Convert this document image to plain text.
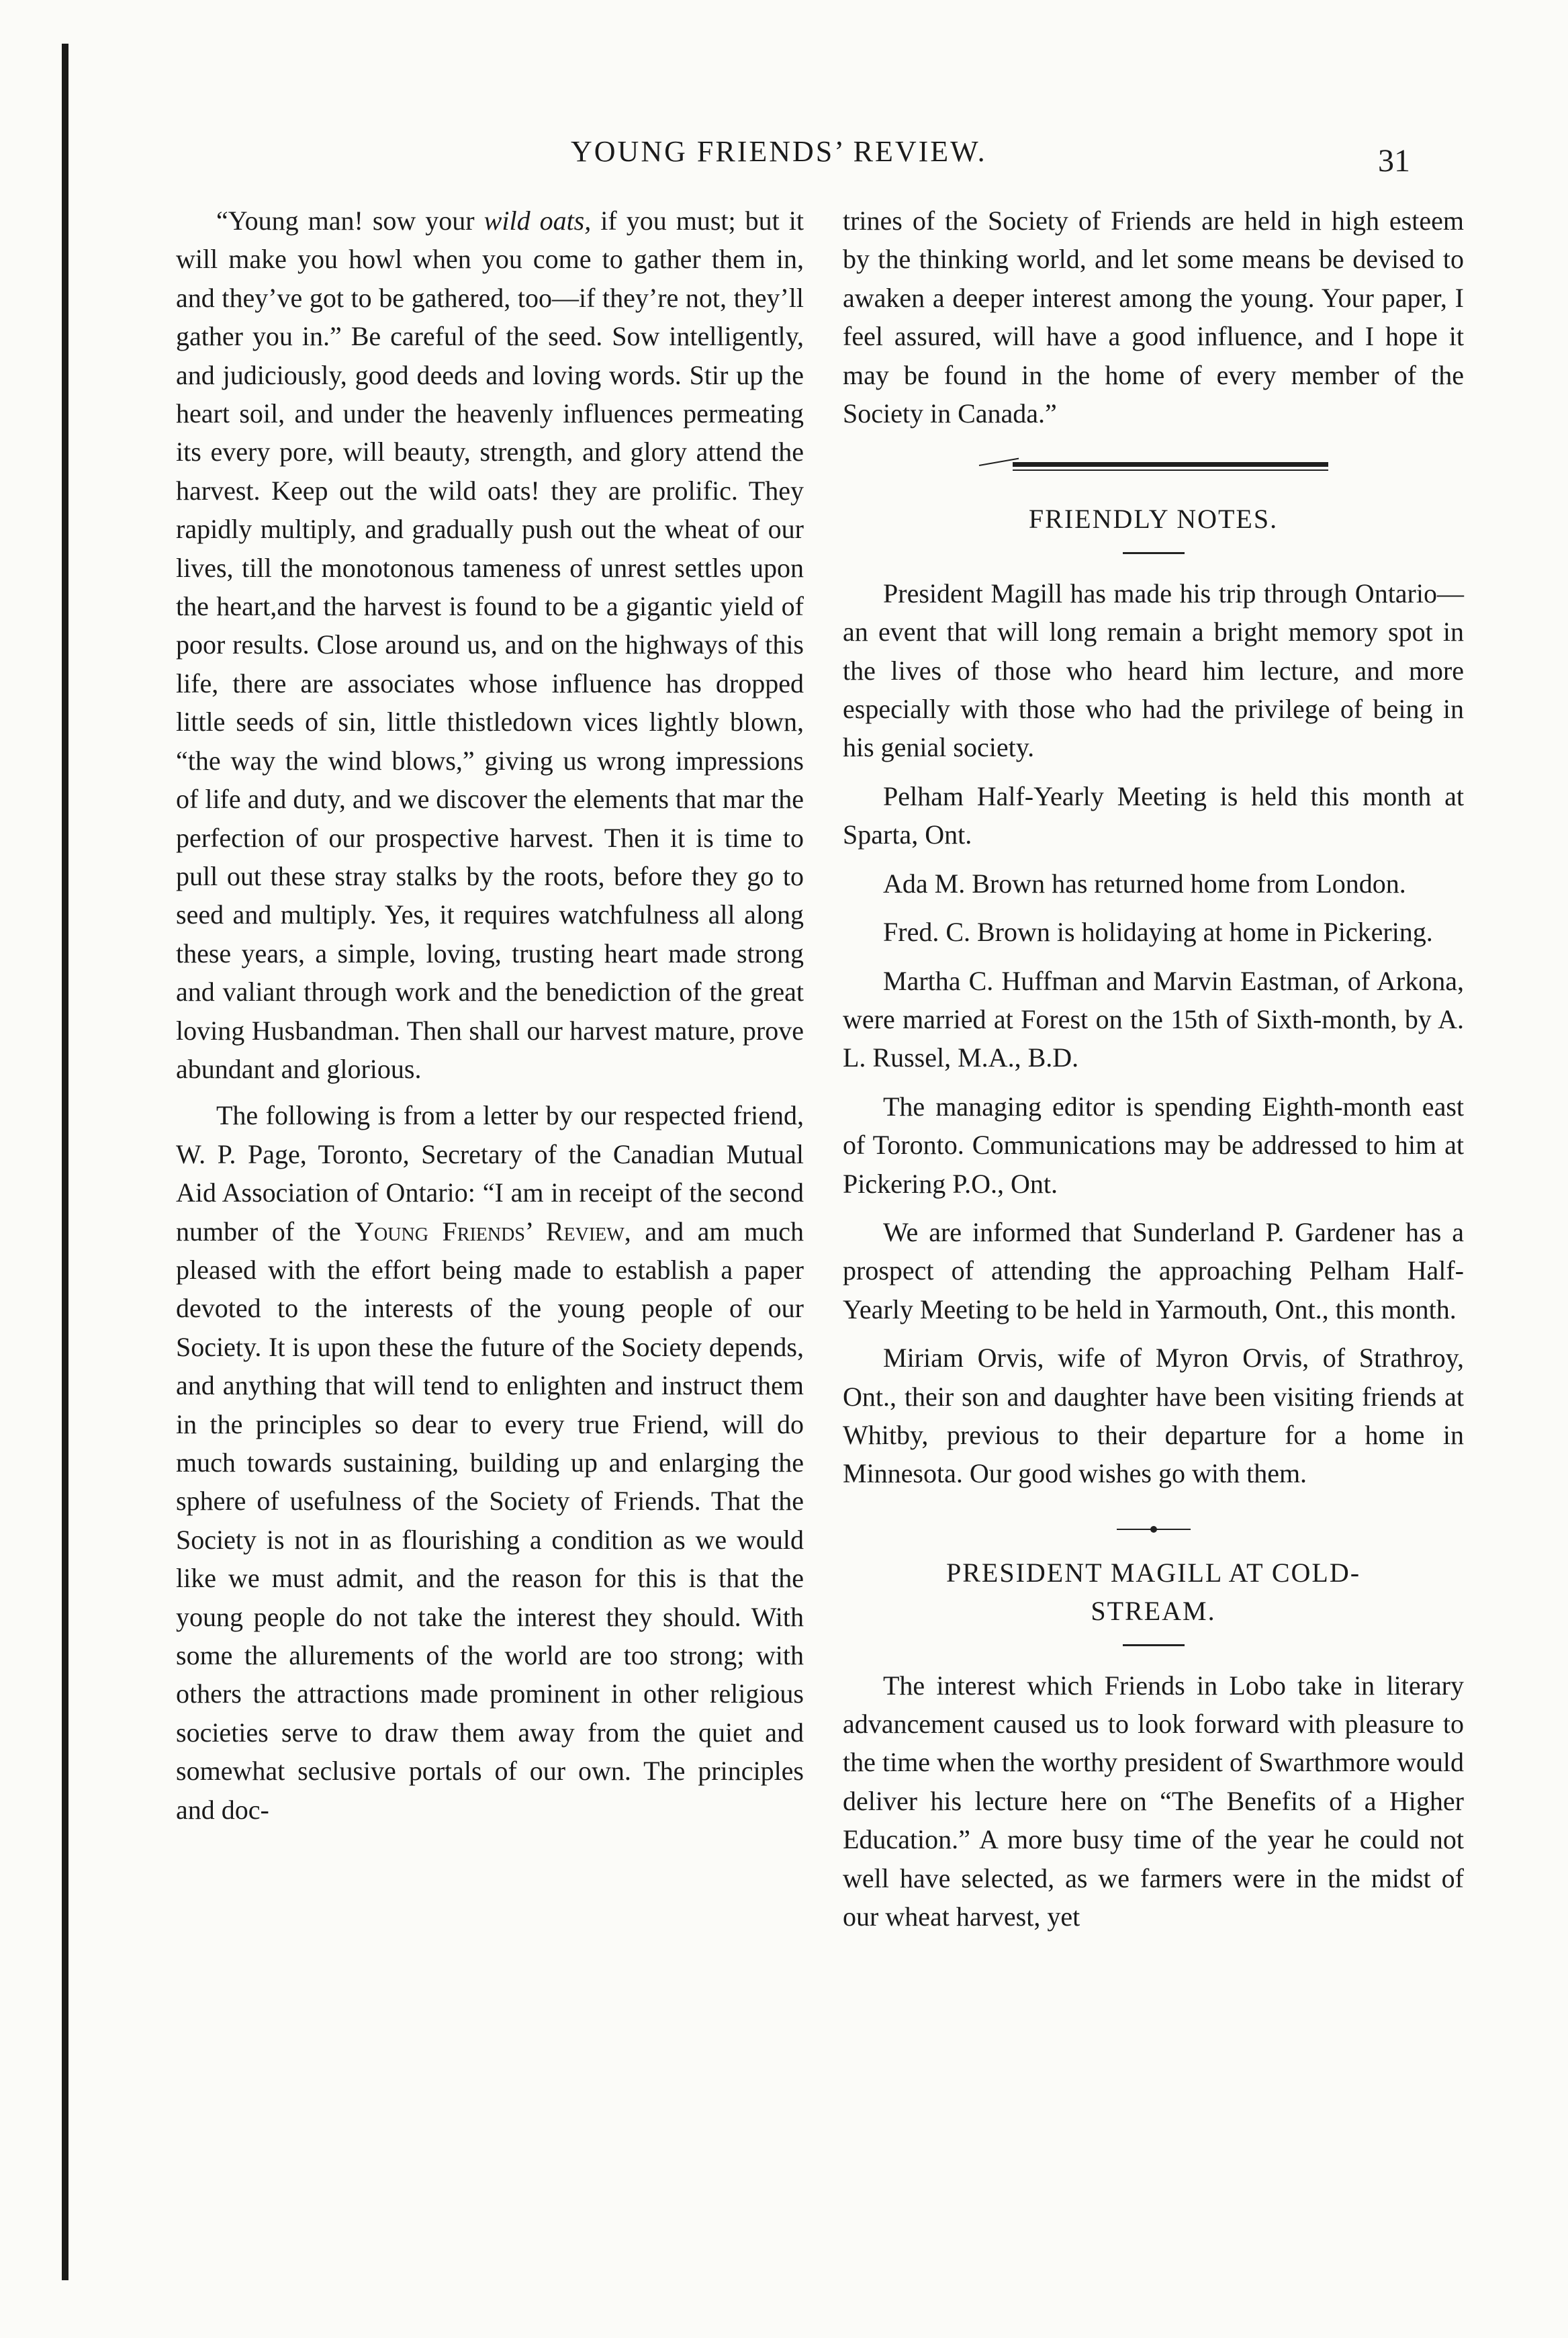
YOUNG FRIENDS’ REVIEW.	31

“Young man! sow your wild oats, if you must; but it will make you howl when you come to gather them in, and they’ve got to be gathered, too—if they’re not, they’ll gather you in.” Be careful of the seed. Sow intelligently, and judiciously, good deeds and loving words. Stir up the heart soil, and under the heavenly influences permeating its every pore, will beauty, strength, and glory attend the harvest. Keep out the wild oats! they are prolific. They rapidly multiply, and gradually push out the wheat of our lives, till the monotonous tameness of unrest settles upon the heart,and the harvest is found to be a gigantic yield of poor results. Close around us, and on the highways of this life, there are associates whose influence has dropped little seeds of sin, little thistledown vices lightly blown, “the way the wind blows,” giving us wrong impressions of life and duty, and we discover the elements that mar the perfection of our prospective harvest. Then it is time to pull out these stray stalks by the roots, before they go to seed and multiply. Yes, it requires watchfulness all along these years, a simple, loving, trusting heart made strong and valiant through work and the benediction of the great loving Husbandman. Then shall our harvest mature, prove abundant and glorious.

The following is from a letter by our respected friend, W. P. Page, Toronto, Secretary of the Canadian Mutual Aid Association of Ontario: “I am in receipt of the second number of the Young Friends’ Review, and am much pleased with the effort being made to establish a paper devoted to the interests of the young people of our Society. It is upon these the future of the Society depends, and anything that will tend to enlighten and instruct them in the principles so dear to every true Friend, will do much towards sustaining, building up and enlarging the sphere of usefulness of the Society of Friends. That the Society is not in as flourishing a condition as we would like we must admit, and the reason for this is that the young people do not take the interest they should. With some the allurements of the world are too strong; with others the attractions made prominent in other religious societies serve to draw them away from the quiet and somewhat seclusive portals of our own. The principles and doc-

trines of the Society of Friends are held in high esteem by the thinking world, and let some means be devised to awaken a deeper interest among the young. Your paper, I feel assured, will have a good influence, and I hope it may be found in the home of every member of the Society in Canada.”

FRIENDLY NOTES.

President Magill has made his trip through Ontario—an event that will long remain a bright memory spot in the lives of those who heard him lecture, and more especially with those who had the privilege of being in his genial society.

Pelham Half-Yearly Meeting is held this month at Sparta, Ont.

Ada M. Brown has returned home from London.

Fred. C. Brown is holidaying at home in Pickering.

Martha C. Huffman and Marvin Eastman, of Arkona, were married at Forest on the 15th of Sixth-month, by A. L. Russel, M.A., B.D.

The managing editor is spending Eighth-month east of Toronto. Communications may be addressed to him at Pickering P.O., Ont.

We are informed that Sunderland P. Gardener has a prospect of attending the approaching Pelham Half-Yearly Meeting to be held in Yarmouth, Ont., this month.

Miriam Orvis, wife of Myron Orvis, of Strathroy, Ont., their son and daughter have been visiting friends at Whitby, previous to their departure for a home in Minnesota. Our good wishes go with them.

PRESIDENT MAGILL AT COLD-

STREAM.

The interest which Friends in Lobo take in literary advancement caused us to look forward with pleasure to the time when the worthy president of Swarthmore would deliver his lecture here on “The Benefits of a Higher Education.” A more busy time of the year he could not well have selected, as we farmers were in the midst of our wheat harvest, yet
